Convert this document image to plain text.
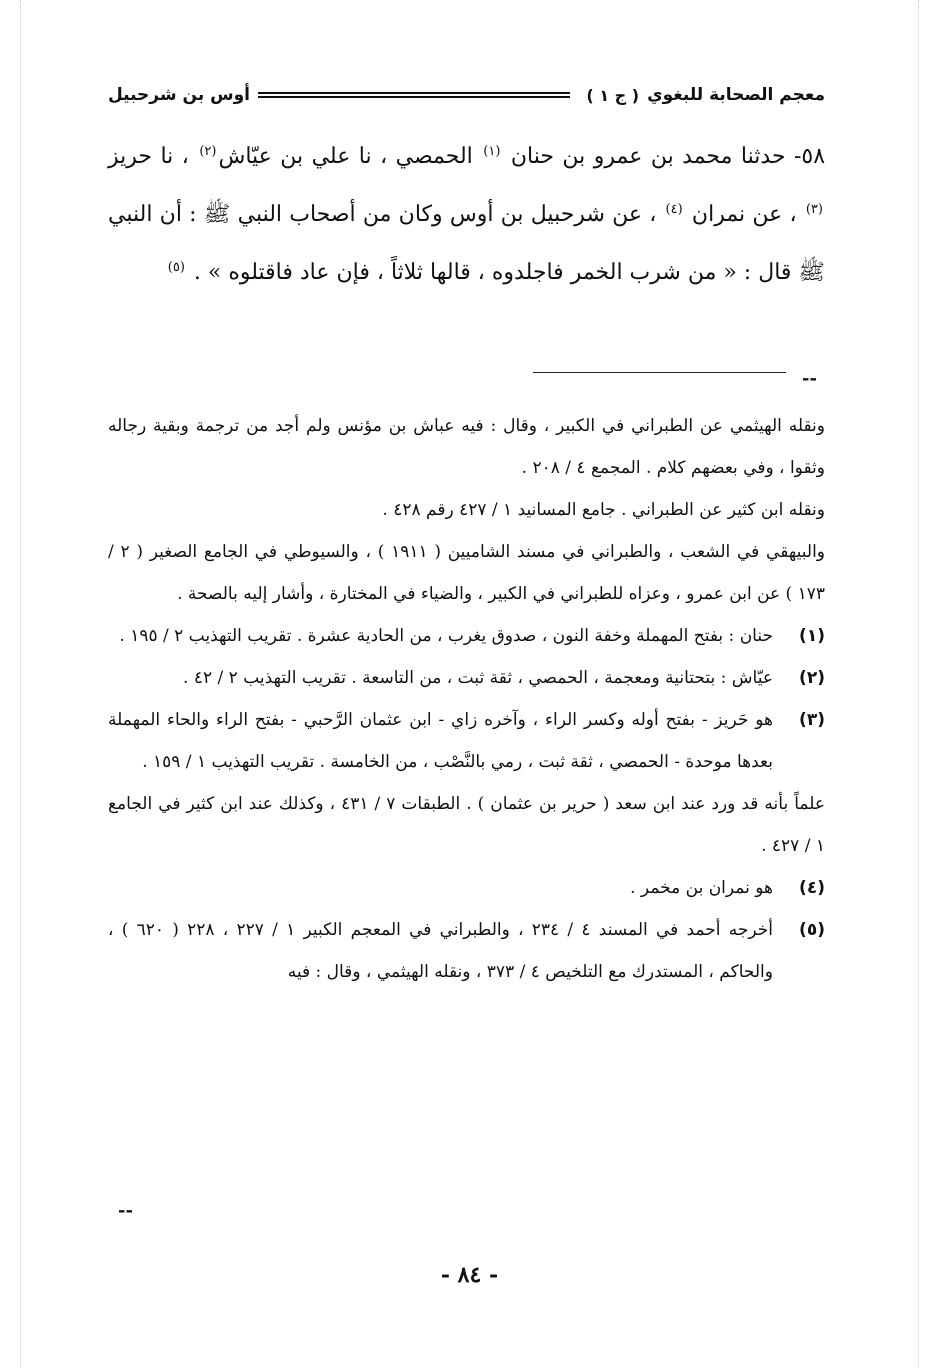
معجم الصحابة للبغوي
( ج ١ )
أوس بن شرحبيل
٥٨- حدثنا محمد بن عمرو بن حنان $^{(١)}$ الحمصي ، نا علي بن عيّاش$^{(٢)}$ ، نا حريز $^{(٣)}$ ، عن نمران $^{(٤)}$ ، عن شرحبيل بن أوس وكان من أصحاب النبي ﷺ : أن النبي ﷺ قال : « من شرب الخمر فاجلدوه ، قالها ثلاثاً ، فإن عاد فاقتلوه » . $^{(٥)}$
--

ونقله الهيثمي عن الطبراني في الكبير ، وقال : فيه عباش بن مؤنس ولم أجد من ترجمة وبقية رجاله وثقوا ، وفي بعضهم كلام . المجمع ٤ / ٢٠٨ .

ونقله ابن كثير عن الطبراني . جامع المسانيد ١ / ٤٢٧ رقم ٤٢٨ .

والبيهقي في الشعب ، والطبراني في مسند الشاميين ( ١٩١١ ) ، والسيوطي في الجامع الصغير ( ٢ / ١٧٣ ) عن ابن عمرو ، وعزاه للطبراني في الكبير ، والضياء في المختارة ، وأشار إليه بالصحة .

(١)

حنان : بفتح المهملة وخفة النون ، صدوق يغرب ، من الحادية عشرة . تقريب التهذيب ٢ / ١٩٥ .

(٢)

عيّاش : بتحتانية ومعجمة ، الحمصي ، ثقة ثبت ، من التاسعة . تقريب التهذيب ٢ / ٤٢ .

(٣)

هو حَريز - بفتح أوله وكسر الراء ، وآخره زاي - ابن عثمان الرَّحبي - بفتح الراء والحاء المهملة بعدها موحدة - الحمصي ، ثقة ثبت ، رمي بالنَّصْب ، من الخامسة . تقريب التهذيب ١ / ١٥٩ .

علماً بأنه قد ورد عند ابن سعد ( حرير بن عثمان ) . الطبقات ٧ / ٤٣١ ، وكذلك عند ابن كثير في الجامع ١ / ٤٢٧ .

(٤)

هو نمران بن مخمر .

(٥)

أخرجه أحمد في المسند ٤ / ٢٣٤ ، والطبراني في المعجم الكبير ١ / ٢٢٧ ، ٢٢٨ ( ٦٢٠ ) ، والحاكم ، المستدرك مع التلخيص ٤ / ٣٧٣ ، ونقله الهيثمي ، وقال : فيه

--
- ٨٤ -
